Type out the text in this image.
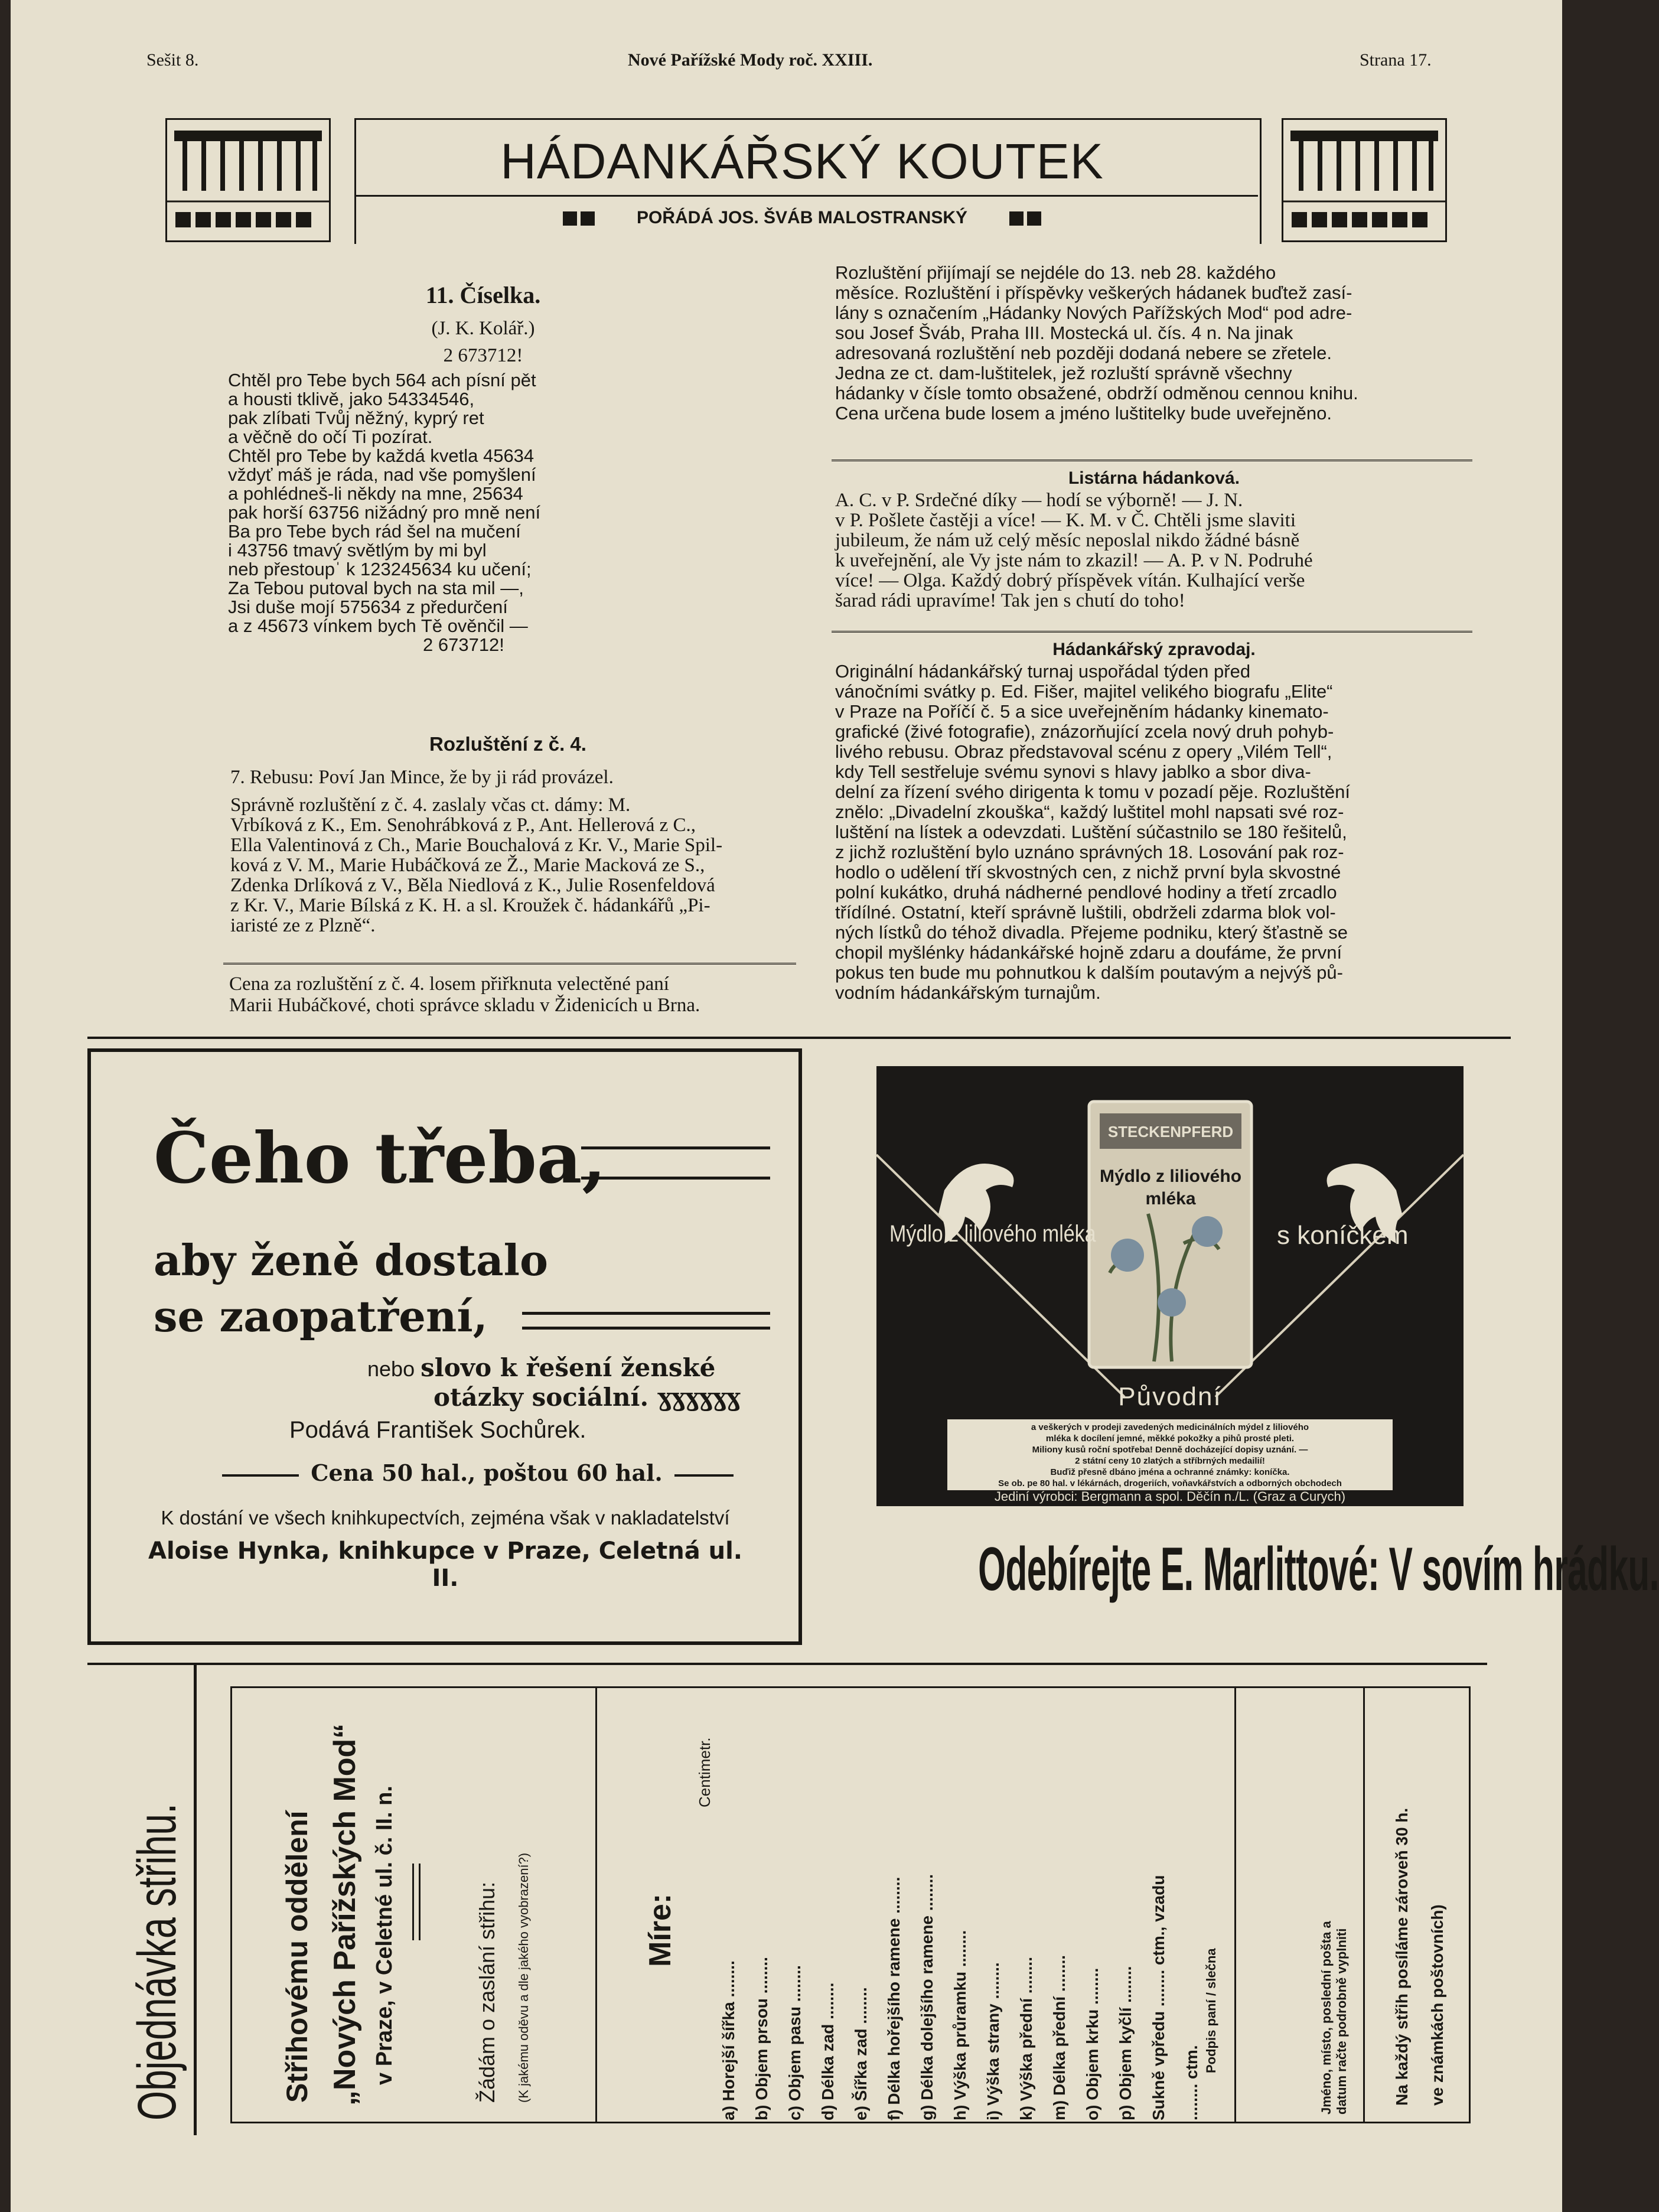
Sešit 8.	Nové Pařížské Mody roč. XXIII.	Strana 17.
HÁDANKÁŘSKÝ KOUTEK
POŘÁDÁ JOS. ŠVÁB MALOSTRANSKÝ
11. Číselka.
(J. K. Kolář.)
2 673712!
Chtěl pro Tebe bych 564 ach písní pět
a housti tklivě, jako 54334546,
pak zlíbati Tvůj něžný, kyprý ret
a věčně do očí Ti pozírat.
Chtěl pro Tebe by každá kvetla 45634
vždyť máš je ráda, nad vše pomyšlení
a pohlédneš-li někdy na mne, 25634
pak horší 63756 nižádný pro mně není
Ba pro Tebe bych rád šel na mučení
i 43756 tmavý světlým by mi byl
neb přestoupˈ k 123245634 ku učení;
Za Tebou putoval bych na sta mil —,
Jsi duše mojí 575634 z předurčení
a z 45673 vínkem bych Tě ověnčil —
2 673712!
Rozluštění z č. 4.
7. Rebusu: Poví Jan Mince, že by ji rád provázel.
Správně rozluštění z č. 4. zaslaly včas ct. dámy: M.
Vrbíková z K., Em. Senohrábková z P., Ant. Hellerová z C.,
Ella Valentinová z Ch., Marie Bouchalová z Kr. V., Marie Spil-
ková z V. M., Marie Hubáčková ze Ž., Marie Macková ze S.,
Zdenka Drlíková z V., Běla Niedlová z K., Julie Rosenfeldová
z Kr. V., Marie Bílská z K. H. a sl. Kroužek č. hádankářů „Pi-
iaristé ze z Plzně“.
Cena za rozluštění z č. 4. losem přiřknuta velectěné paní
Marii Hubáčkové, choti správce skladu v Židenicích u Brna.
Rozluštění přijímají se nejdéle do 13. neb 28. každého
měsíce. Rozluštění i příspěvky veškerých hádanek buďtež zasí-
lány s označením „Hádanky Nových Pařížských Mod“ pod adre-
sou Josef Šváb, Praha III. Mostecká ul. čís. 4 n. Na jinak
adresovaná rozluštění neb později dodaná nebere se zřetele.
Jedna ze ct. dam-luštitelek, jež rozluští správně všechny
hádanky v čísle tomto obsažené, obdrží odměnou cennou knihu.
Cena určena bude losem a jméno luštitelky bude uveřejněno.
Listárna hádanková.
A. C. v P. Srdečné díky — hodí se výborně! — J. N.
v P. Pošlete častěji a více! — K. M. v Č. Chtěli jsme slaviti
jubileum, že nám už celý měsíc neposlal nikdo žádné básně
k uveřejnění, ale Vy jste nám to zkazil! — A. P. v N. Podruhé
více! — Olga. Každý dobrý příspěvek vítán. Kulhající verše
šarad rádi upravíme! Tak jen s chutí do toho!
Hádankářský zpravodaj.
Originální hádankářský turnaj uspořádal týden před
vánočními svátky p. Ed. Fišer, majitel velikého biografu „Elite“
v Praze na Poříčí č. 5 a sice uveřejněním hádanky kinemato-
grafické (živé fotografie), znázorňující zcela nový druh pohyb-
livého rebusu. Obraz představoval scénu z opery „Vilém Tell“,
kdy Tell sestřeluje svému synovi s hlavy jablko a sbor diva-
delní za řízení svého dirigenta k tomu v pozadí pěje. Rozluštění
znělo: „Divadelní zkouška“, každý luštitel mohl napsati své roz-
luštění na lístek a odevzdati. Luštění súčastnilo se 180 řešitelů,
z jichž rozluštění bylo uznáno správných 18. Losování pak roz-
hodlo o udělení tří skvostných cen, z nichž první byla skvostné
polní kukátko, druhá nádherné pendlové hodiny a třetí zrcadlo
třídílné. Ostatní, kteří správně luštili, obdrželi zdarma blok vol-
ných lístků do téhož divadla. Přejeme podniku, který šťastně se
chopil myšlénky hádankářské hojně zdaru a doufáme, že první
pokus ten bude mu pohnutkou k dalším poutavým a nejvýš pů-
vodním hádankářským turnajům.
Čeho třeba,
aby ženě dostalo
se zaopatření,
nebo slovo k řešení ženské
otázky sociální. ɣɣɣɣɣɣ
Podává František Sochůrek.
Cena 50 hal., poštou 60 hal.
K dostání ve všech knihkupectvích, zejména však v nakladatelství
Aloise Hynka, knihkupce v Praze, Celetná ul. II.
STECKENPFERD
Mýdlo z liliového
mléka
Mýdlo z liliového mléka	s koníčkem
Původní
a veškerých v prodeji zavedených medicinálních mýdel z liliového
mléka k docílení jemné, měkké pokožky a pihů prosté pleti.
Miliony kusů roční spotřeba! Denně docházející dopisy uznání. —
2 státní ceny 10 zlatých a stříbrných medailií!
Buďiž přesně dbáno jména a ochranné známky: koníčka.
Se ob. pe 80 hal. v lékárnách, drogeriích, voňavkářstvích a odborných obchodech
Jediní výrobci: Bergmann a spol. Děčín n./L. (Graz a Curych)
Odebírejte E. Marlittové: V sovím hrádku.
Objednávka střihu.	Střihovému oddělení „Nových Pařížských Mod“ v Praze, v Celetné ul. č. II. n.	Žádám o zaslání střihu: (K jakému oděvu a dle jakého vyobrazení?)	Míre:
Centimetr.
a) Horejší šířka ........ b) Objem prsou ........ c) Objem pasu ........ d) Délka zad ........ e) Šířka zad ........ f) Délka hořejšího ramene ........ g) Délka dolejšího ramene ........ h) Výška průramku ........ i) Výška strany ........ k) Výška přední ........ m) Délka přední ........ o) Objem krku ........ p) Objem kyčlí ........ Sukně vpředu ........ ctm., vzadu ........ ctm.
Podpis paní / slečna	Jméno, místo, poslední pošta a datum račte podrobně vyplniti	Na každý střih posíláme zároveň 30 h. ve známkách poštovních)
